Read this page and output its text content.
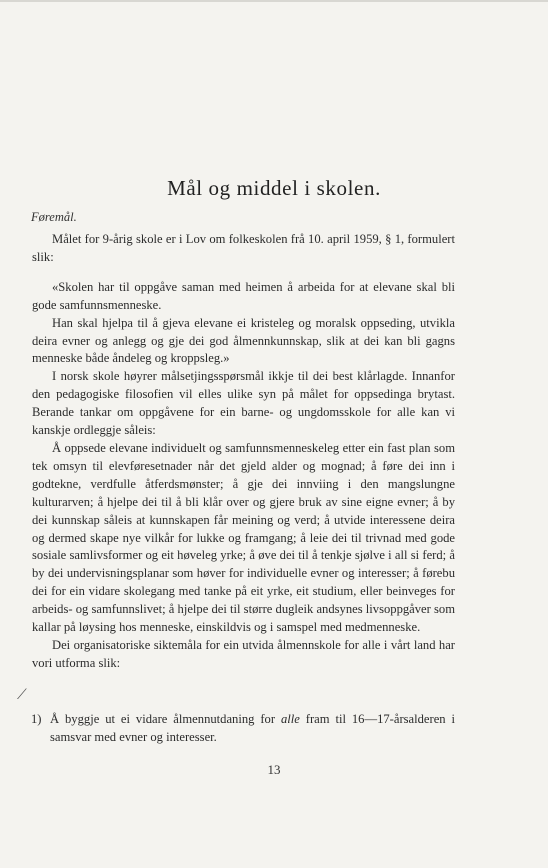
Mål og middel i skolen.
Føremål.

Målet for 9-årig skole er i Lov om folkeskolen frå 10. april 1959, § 1, formulert slik:

«Skolen har til oppgåve saman med heimen å arbeida for at elevane skal bli gode samfunnsmenneske.

Han skal hjelpa til å gjeva elevane ei kristeleg og moralsk oppseding, utvikla deira evner og anlegg og gje dei god ålmennkunnskap, slik at dei kan bli gagns menneske både åndeleg og kroppsleg.»

I norsk skole høyrer målsetjingsspørsmål ikkje til dei best klårlagde. Innanfor den pedagogiske filosofien vil elles ulike syn på målet for oppsedinga brytast. Berande tankar om oppgåvene for ein barne- og ungdomsskole for alle kan vi kanskje ordleggje såleis:

Å oppsede elevane individuelt og samfunnsmenneskeleg etter ein fast plan som tek omsyn til elevføresetnader når det gjeld alder og mognad; å føre dei inn i godtekne, verdfulle åtferdsmønster; å gje dei innviing i den mangslungne kulturarven; å hjelpe dei til å bli klår over og gjere bruk av sine eigne evner; å by dei kunnskap såleis at kunnskapen får meining og verd; å utvide interessene deira og dermed skape nye vilkår for lukke og framgang; å leie dei til trivnad med gode sosiale samlivsformer og eit høveleg yrke; å øve dei til å tenkje sjølve i all si ferd; å by dei undervisningsplanar som høver for individuelle evner og interesser; å førebu dei for ein vidare skolegang med tanke på eit yrke, eit studium, eller beinveges for arbeids- og samfunnslivet; å hjelpe dei til større dugleik andsynes livsoppgåver som kallar på løysing hos menneske, einskildvis og i samspel med medmenneske.

Dei organisatoriske siktemåla for ein utvida ålmennskole for alle i vårt land har vori utforma slik:

⟋
1) Å byggje ut ei vidare ålmennutdaning for alle fram til 16—17-årsalderen i samsvar med evner og interesser.
13
